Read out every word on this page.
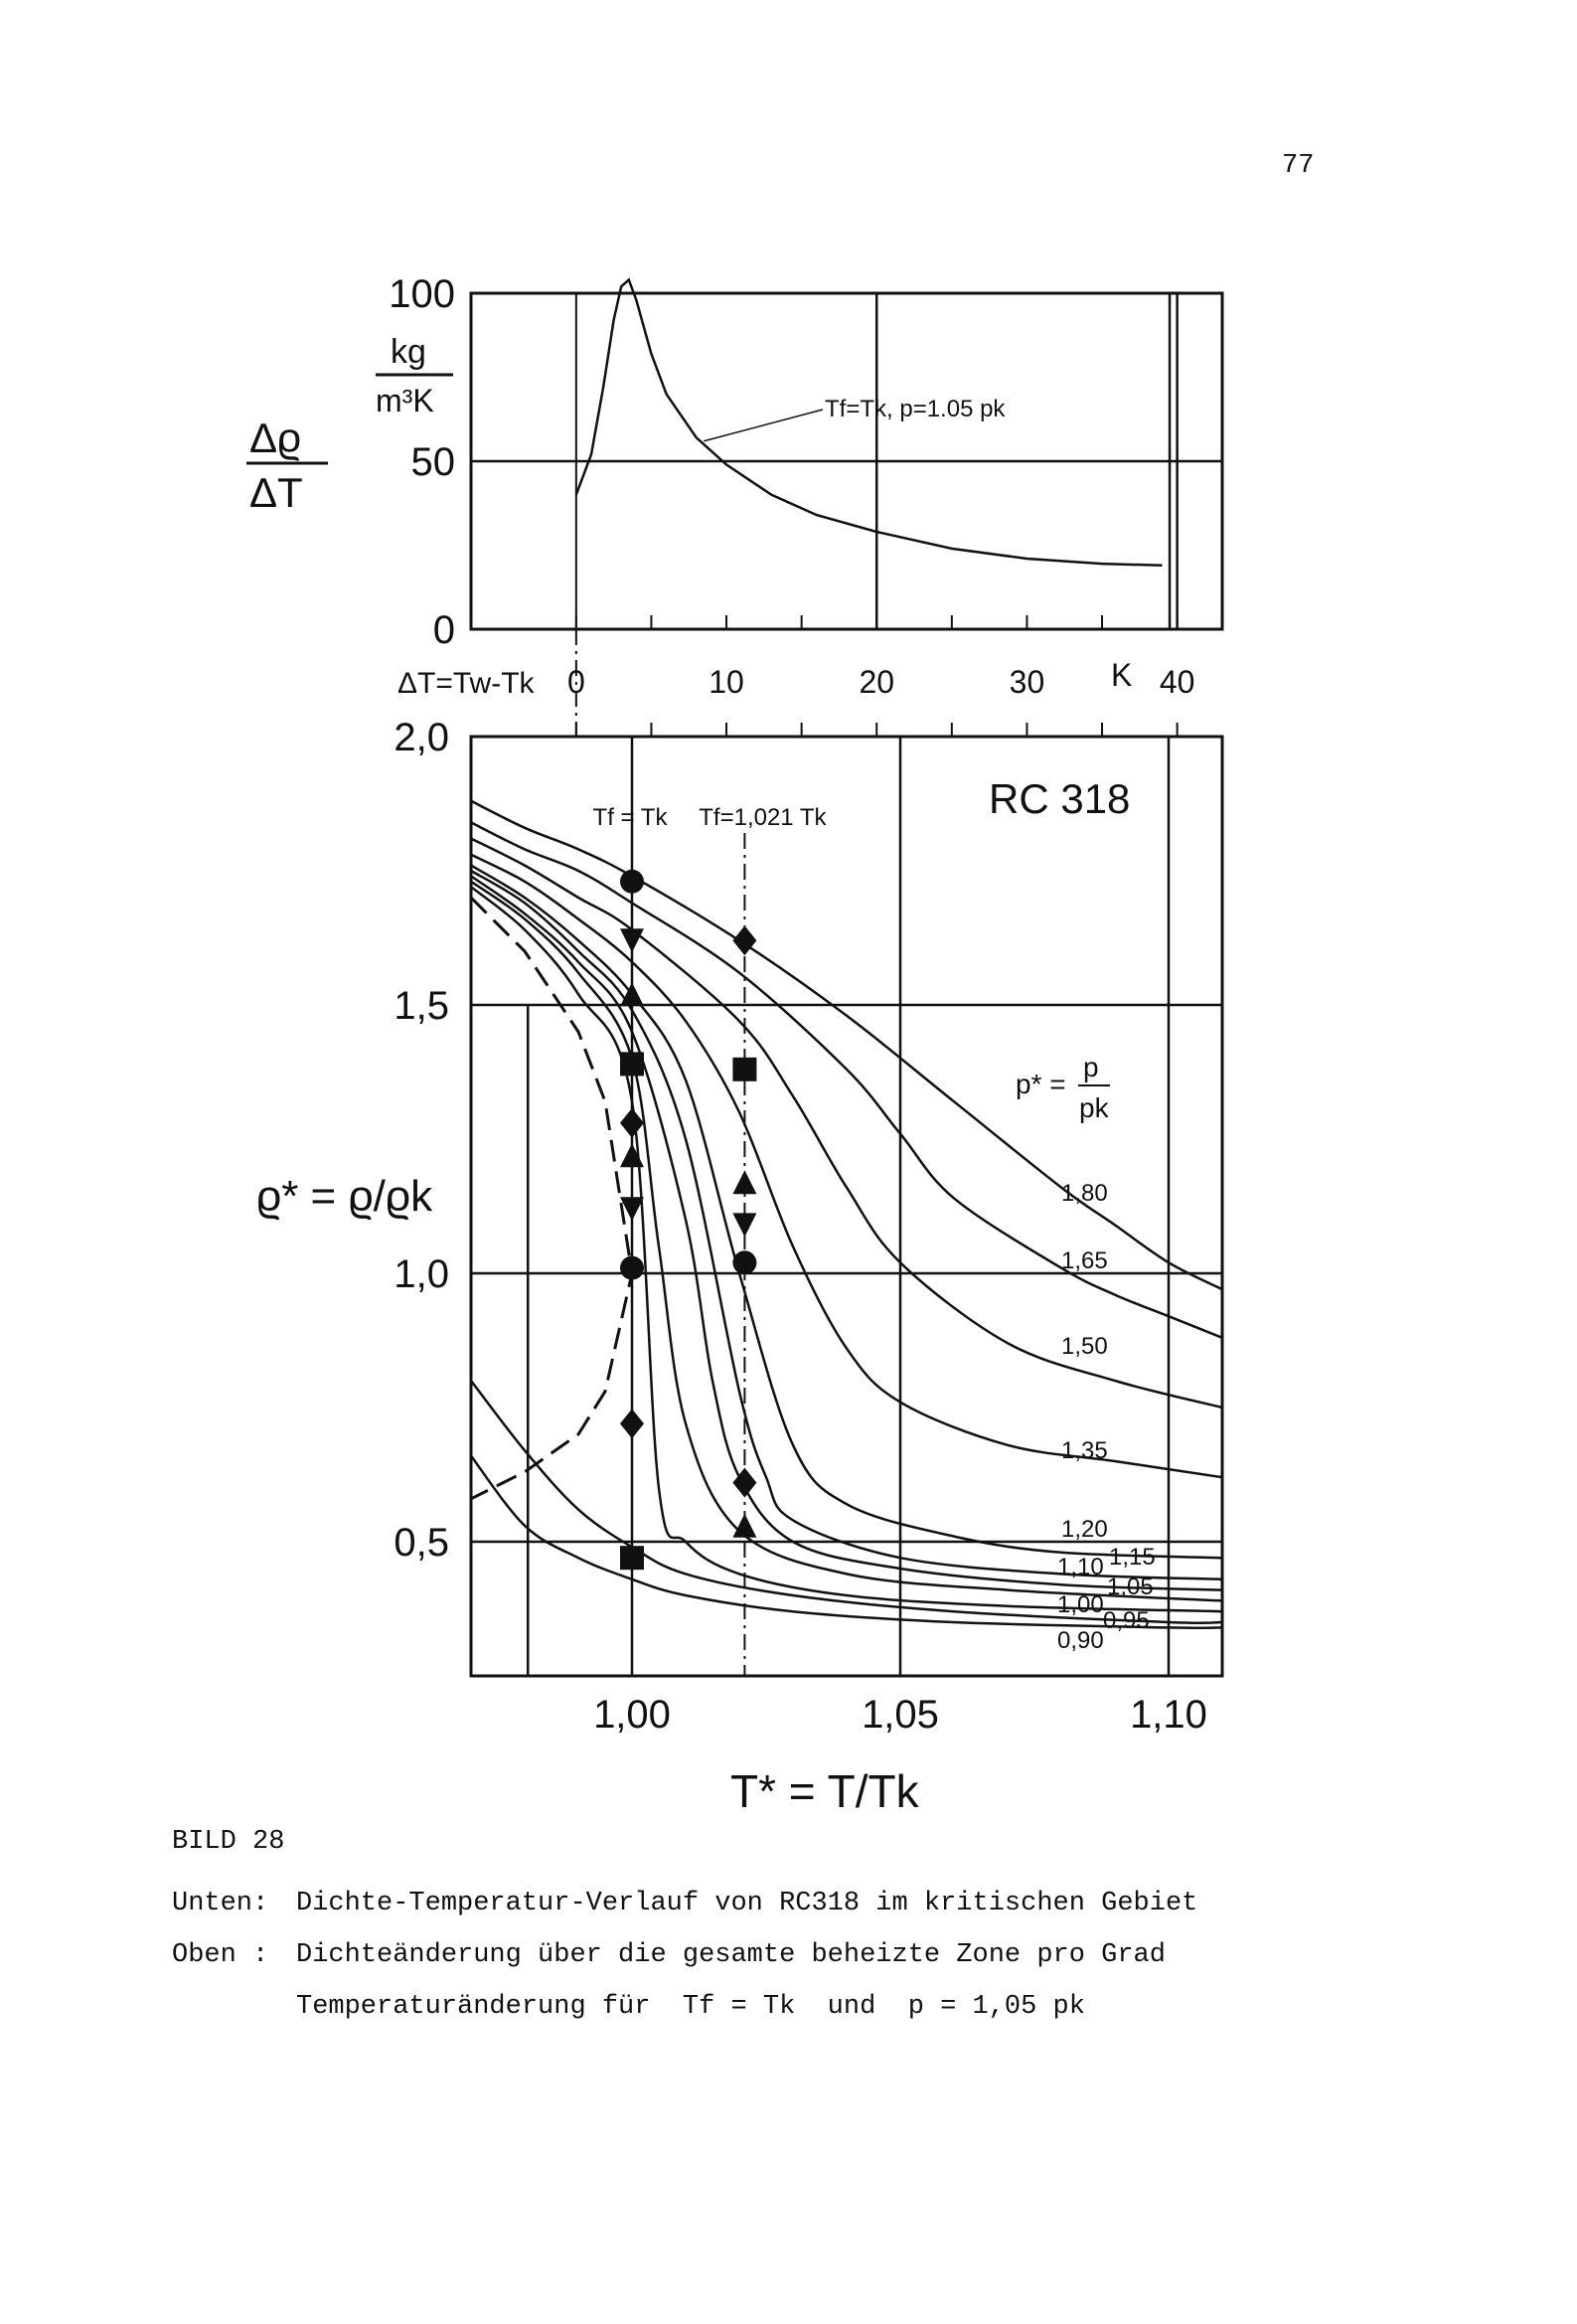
77
0	10	20	30	40
0
50
100
Δϱ
ΔT
kg
m³K
ΔT=Tw-Tk	K
Tf=Tk, p=1.05 pk
1,00	1,05	1,10
0,5
1,0
1,5
2,0
Tf = Tk Tf=1,021 Tk
0,90
0,95
1,00
1,05
1,10 1,15
1,20
1,35
1,50
1,65
1,80
RC 318
p* =
p
pk
ϱ* = ϱ/ϱk
T* = T/Tk
BILD 28
Unten: Dichte-Temperatur-Verlauf von RC318 im kritischen Gebiet
Oben : Dichteänderung über die gesamte beheizte Zone pro Grad
Temperaturänderung für  Tf = Tk  und  p = 1,05 pk
